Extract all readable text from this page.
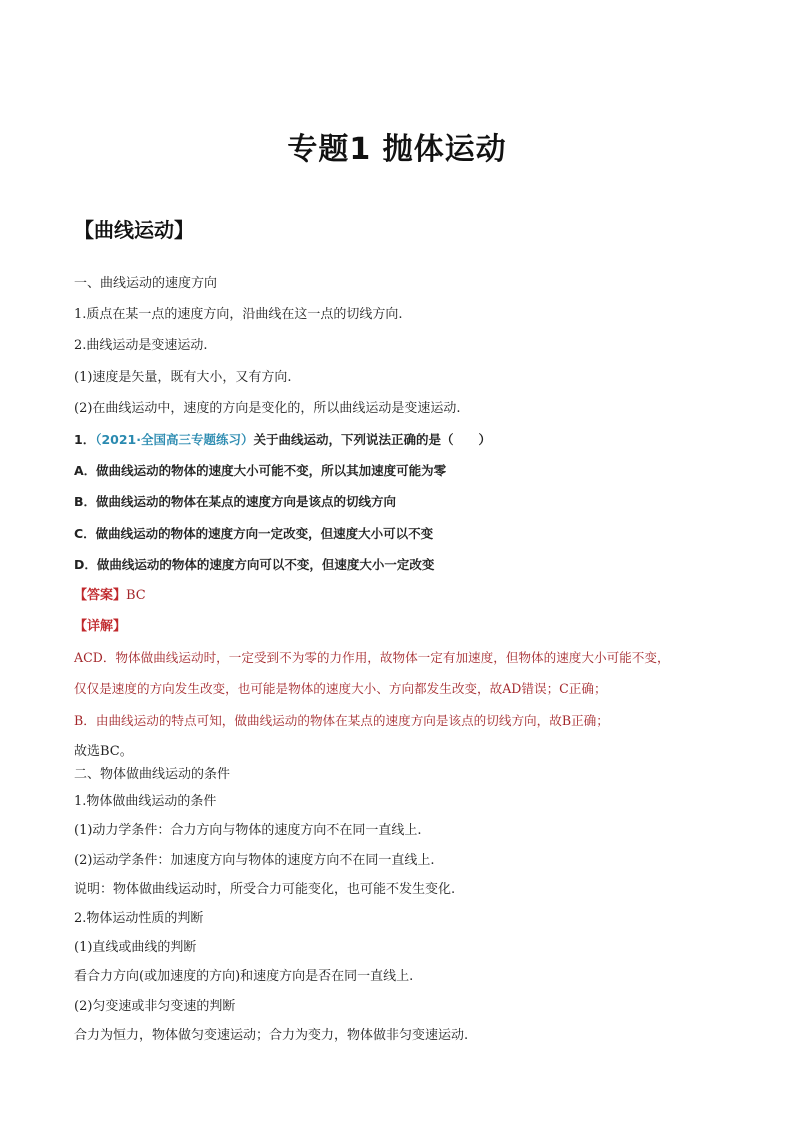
专题1 抛体运动
【曲线运动】
一、曲线运动的速度方向
1.质点在某一点的速度方向，沿曲线在这一点的切线方向.
2.曲线运动是变速运动.
(1)速度是矢量，既有大小，又有方向.
(2)在曲线运动中，速度的方向是变化的，所以曲线运动是变速运动.
1．（2021·全国高三专题练习）关于曲线运动，下列说法正确的是（　　）
A．做曲线运动的物体的速度大小可能不变，所以其加速度可能为零
B．做曲线运动的物体在某点的速度方向是该点的切线方向
C．做曲线运动的物体的速度方向一定改变，但速度大小可以不变
D．做曲线运动的物体的速度方向可以不变，但速度大小一定改变
【答案】BC
【详解】
ACD．物体做曲线运动时，一定受到不为零的力作用，故物体一定有加速度，但物体的速度大小可能不变，
仅仅是速度的方向发生改变，也可能是物体的速度大小、方向都发生改变，故AD错误；C正确；
B．由曲线运动的特点可知，做曲线运动的物体在某点的速度方向是该点的切线方向，故B正确；
故选BC。
二、物体做曲线运动的条件
1.物体做曲线运动的条件
(1)动力学条件：合力方向与物体的速度方向不在同一直线上.
(2)运动学条件：加速度方向与物体的速度方向不在同一直线上.
说明：物体做曲线运动时，所受合力可能变化，也可能不发生变化.
2.物体运动性质的判断
(1)直线或曲线的判断
看合力方向(或加速度的方向)和速度方向是否在同一直线上.
(2)匀变速或非匀变速的判断
合力为恒力，物体做匀变速运动；合力为变力，物体做非匀变速运动.
